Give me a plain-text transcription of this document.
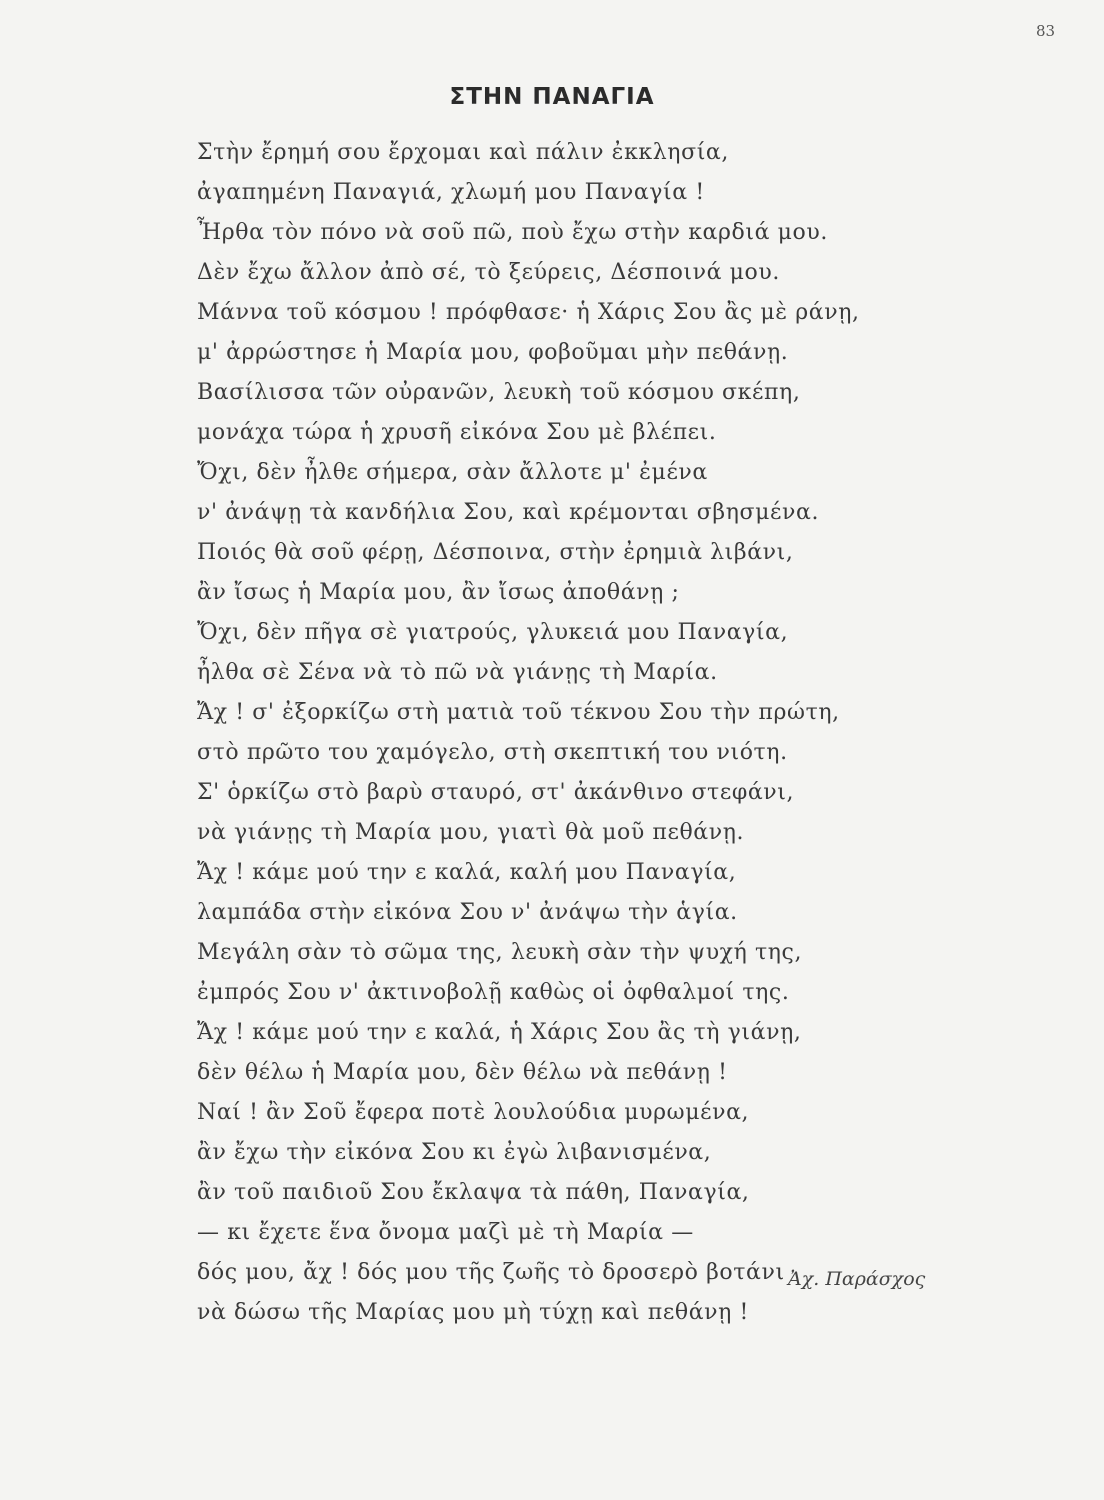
83
ΣΤΗΝ ΠΑΝΑΓΙΑ
Στὴν ἔρημή σου ἔρχομαι καὶ πάλιν ἐκκλησία,
ἀγαπημένη Παναγιά, χλωμή μου Παναγία !
Ἦρθα τὸν πόνο νὰ σοῦ πῶ, ποὺ ἔχω στὴν καρδιά μου.
Δὲν ἔχω ἄλλον ἀπὸ σέ, τὸ ξεύρεις, Δέσποινά μου.
Μάννα τοῦ κόσμου ! πρόφθασε· ἡ Χάρις Σου ἂς μὲ ράνῃ,
μ' ἀρρώστησε ἡ Μαρία μου, φοβοῦμαι μὴν πεθάνῃ.
Βασίλισσα τῶν οὐρανῶν, λευκὴ τοῦ κόσμου σκέπη,
μονάχα τώρα ἡ χρυσῆ εἰκόνα Σου μὲ βλέπει.
Ὄχι, δὲν ἦλθε σήμερα, σὰν ἄλλοτε μ' ἐμένα
ν' ἀνάψῃ τὰ κανδήλια Σου, καὶ κρέμονται σβησμένα.
Ποιός θὰ σοῦ φέρῃ, Δέσποινα, στὴν ἐρημιὰ λιβάνι,
ἂν ἴσως ἡ Μαρία μου, ἂν ἴσως ἀποθάνῃ ;
Ὄχι, δὲν πῆγα σὲ γιατρούς, γλυκειά μου Παναγία,
ἦλθα σὲ Σένα νὰ τὸ πῶ νὰ γιάνῃς τὴ Μαρία.
Ἄχ ! σ' ἐξορκίζω στὴ ματιὰ τοῦ τέκνου Σου τὴν πρώτη,
στὸ πρῶτο του χαμόγελο, στὴ σκεπτική του νιότη.
Σ' ὁρκίζω στὸ βαρὺ σταυρό, στ' ἀκάνθινο στεφάνι,
νὰ γιάνῃς τὴ Μαρία μου, γιατὶ θὰ μοῦ πεθάνῃ.
Ἄχ ! κάμε μού την ε καλά, καλή μου Παναγία,
λαμπάδα στὴν εἰκόνα Σου ν' ἀνάψω τὴν ἁγία.
Μεγάλη σὰν τὸ σῶμα της, λευκὴ σὰν τὴν ψυχή της,
ἐμπρός Σου ν' ἀκτινοβολῇ καθὼς οἱ ὀφθαλμοί της.
Ἄχ ! κάμε μού την ε καλά, ἡ Χάρις Σου ἂς τὴ γιάνῃ,
δὲν θέλω ἡ Μαρία μου, δὲν θέλω νὰ πεθάνῃ !
Ναί ! ἂν Σοῦ ἔφερα ποτὲ λουλούδια μυρωμένα,
ἂν ἔχω τὴν εἰκόνα Σου κι ἐγὼ λιβανισμένα,
ἂν τοῦ παιδιοῦ Σου ἔκλαψα τὰ πάθη, Παναγία,
— κι ἔχετε ἕνα ὄνομα μαζὶ μὲ τὴ Μαρία —
δός μου, ἄχ ! δός μου τῆς ζωῆς τὸ δροσερὸ βοτάνι
νὰ δώσω τῆς Μαρίας μου μὴ τύχῃ καὶ πεθάνῃ !
Ἀχ. Παράσχος
